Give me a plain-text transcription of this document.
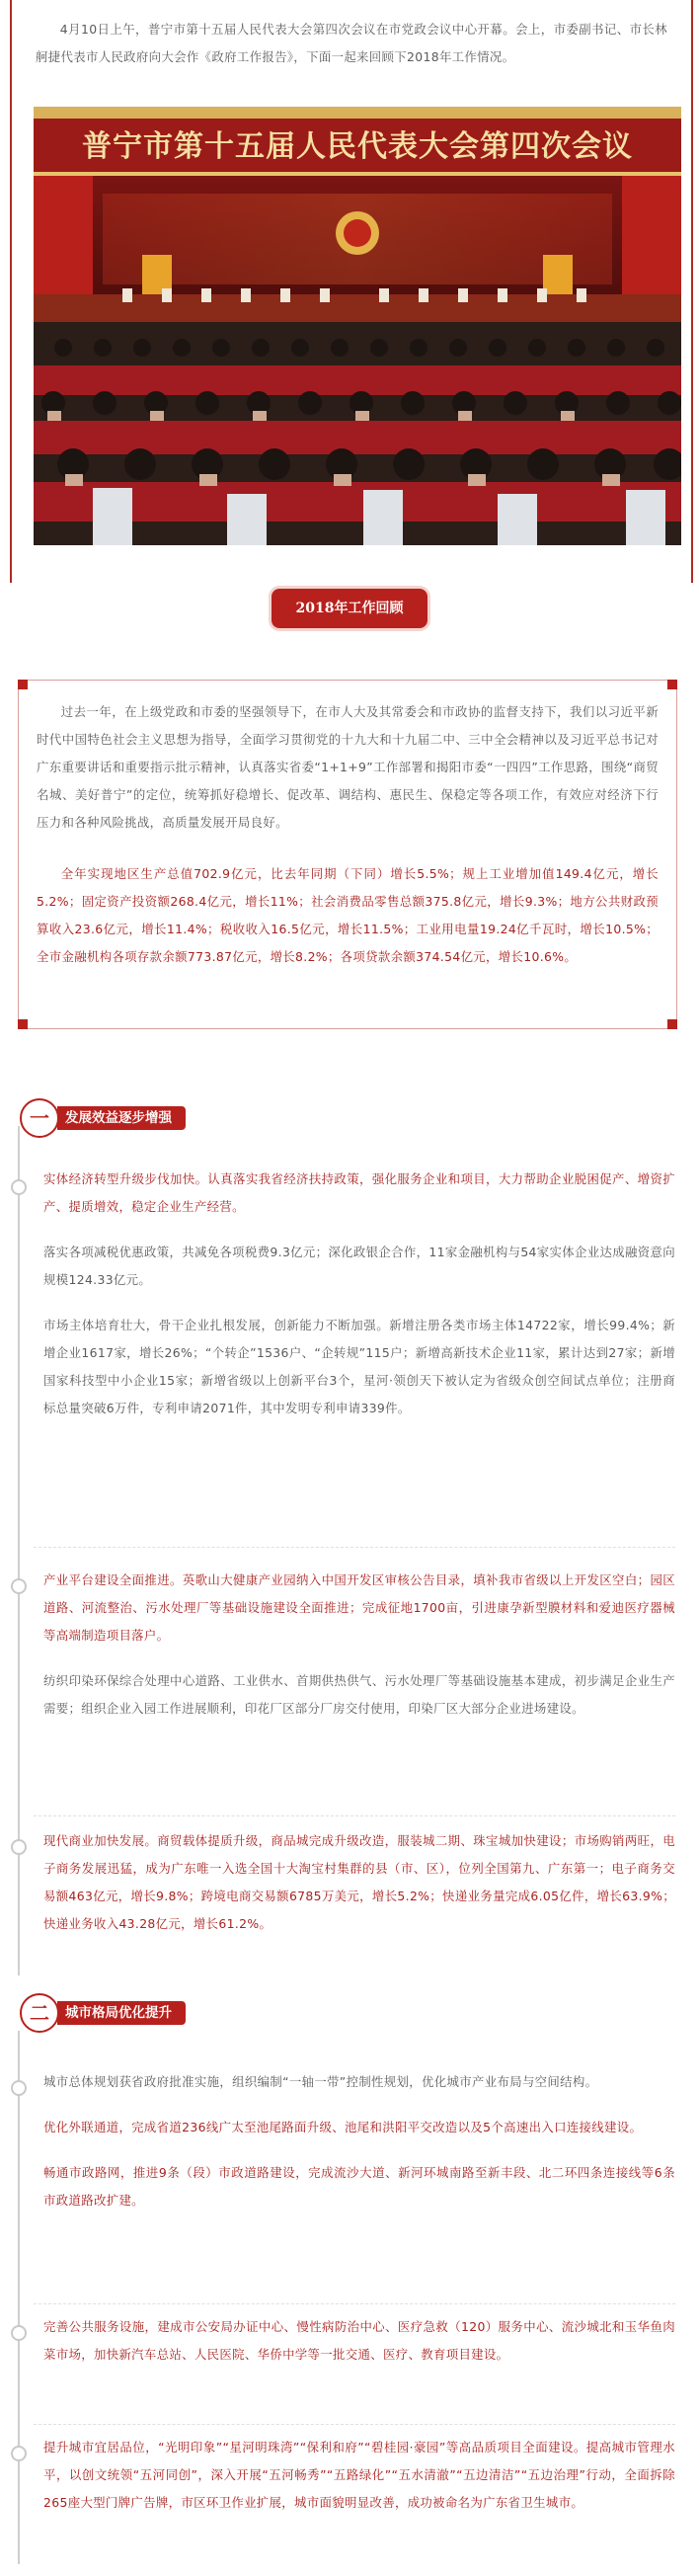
4月10日上午，普宁市第十五届人民代表大会第四次会议在市党政会议中心开幕。会上，市委副书记、市长林舸捷代表市人民政府向大会作《政府工作报告》，下面一起来回顾下2018年工作情况。

普宁市第十五届人民代表大会第四次会议
2018年工作回顾

过去一年，在上级党政和市委的坚强领导下，在市人大及其常委会和市政协的监督支持下，我们以习近平新时代中国特色社会主义思想为指导，全面学习贯彻党的十九大和十九届二中、三中全会精神以及习近平总书记对广东重要讲话和重要指示批示精神，认真落实省委“1+1+9”工作部署和揭阳市委“一四四”工作思路，围绕“商贸名城、美好普宁”的定位，统筹抓好稳增长、促改革、调结构、惠民生、保稳定等各项工作，有效应对经济下行压力和各种风险挑战，高质量发展开局良好。

全年实现地区生产总值702.9亿元，比去年同期（下同）增长5.5%；规上工业增加值149.4亿元，增长5.2%；固定资产投资额268.4亿元，增长11%；社会消费品零售总额375.8亿元，增长9.3%；地方公共财政预算收入23.6亿元，增长11.4%；税收收入16.5亿元，增长11.5%；工业用电量19.24亿千瓦时，增长10.5%；全市金融机构各项存款余额773.87亿元，增长8.2%；各项贷款余额374.54亿元，增长10.6%。

一	发展效益逐步增强

实体经济转型升级步伐加快。认真落实我省经济扶持政策，强化服务企业和项目，大力帮助企业脱困促产、增资扩产、提质增效，稳定企业生产经营。

落实各项减税优惠政策，共减免各项税费9.3亿元；深化政银企合作，11家金融机构与54家实体企业达成融资意向规模124.33亿元。

市场主体培育壮大，骨干企业扎根发展，创新能力不断加强。新增注册各类市场主体14722家，增长99.4%；新增企业1617家，增长26%；“个转企”1536户、“企转规”115户；新增高新技术企业11家，累计达到27家；新增国家科技型中小企业15家；新增省级以上创新平台3个，星河·领创天下被认定为省级众创空间试点单位；注册商标总量突破6万件，专利申请2071件，其中发明专利申请339件。

产业平台建设全面推进。英歌山大健康产业园纳入中国开发区审核公告目录，填补我市省级以上开发区空白；园区道路、河流整治、污水处理厂等基础设施建设全面推进；完成征地1700亩，引进康孕新型膜材料和爱迪医疗器械等高端制造项目落户。

纺织印染环保综合处理中心道路、工业供水、首期供热供气、污水处理厂等基础设施基本建成，初步满足企业生产需要；组织企业入园工作进展顺利，印花厂区部分厂房交付使用，印染厂区大部分企业进场建设。

现代商业加快发展。商贸载体提质升级，商品城完成升级改造，服装城二期、珠宝城加快建设；市场购销两旺，电子商务发展迅猛，成为广东唯一入选全国十大淘宝村集群的县（市、区），位列全国第九、广东第一；电子商务交易额463亿元，增长9.8%；跨境电商交易额6785万美元，增长5.2%；快递业务量完成6.05亿件，增长63.9%；快递业务收入43.28亿元，增长61.2%。

二	城市格局优化提升

城市总体规划获省政府批准实施，组织编制“一轴一带”控制性规划，优化城市产业布局与空间结构。

优化外联通道，完成省道236线广太至池尾路面升级、池尾和洪阳平交改造以及5个高速出入口连接线建设。

畅通市政路网，推进9条（段）市政道路建设，完成流沙大道、新河环城南路至新丰段、北二环四条连接线等6条市政道路改扩建。

完善公共服务设施，建成市公安局办证中心、慢性病防治中心、医疗急救（120）服务中心、流沙城北和玉华鱼肉菜市场，加快新汽车总站、人民医院、华侨中学等一批交通、医疗、教育项目建设。

提升城市宜居品位，“光明印象”“星河明珠湾”“保利和府”“碧桂园·豪园”等高品质项目全面建设。提高城市管理水平，以创文统领“五河同创”，深入开展“五河畅秀”“五路绿化”“五水清澈”“五边清洁”“五边治理”行动，全面拆除265座大型门牌广告牌，市区环卫作业扩展，城市面貌明显改善，成功被命名为广东省卫生城市。
